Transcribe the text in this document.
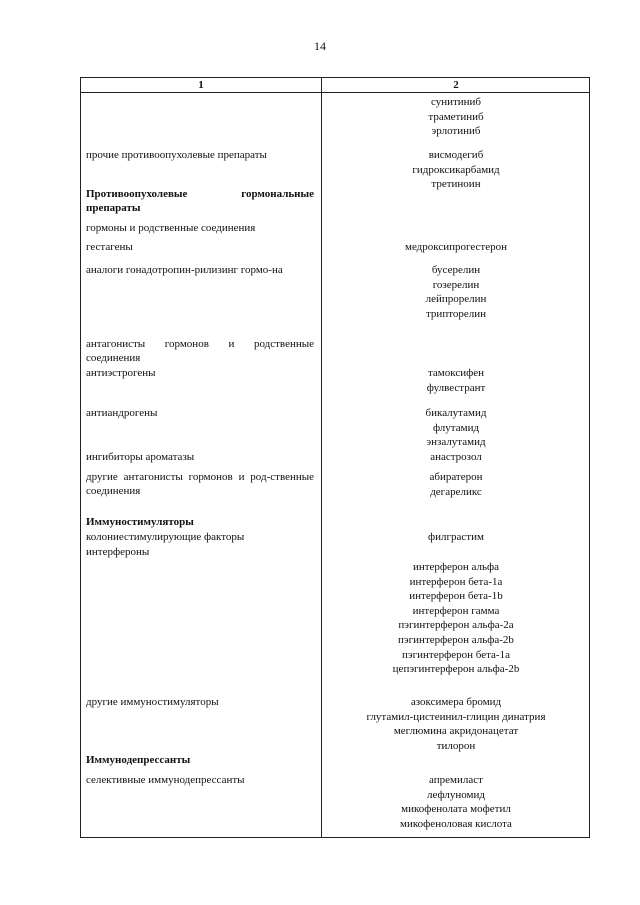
14
1	2
прочие противоопухолевые препараты
Противоопухолевые гормональные препараты
гормоны и родственные соединения
гестагены
аналоги гонадотропин-рилизинг гормо-на
антагонисты гормонов и родственные соединения
антиэстрогены
антиандрогены
ингибиторы ароматазы
другие антагонисты гормонов и род-ственные соединения
Иммуностимуляторы
колониестимулирующие факторы
интерфероны
другие иммуностимуляторы
Иммунодепрессанты
селективные иммунодепрессанты
сунитиниб
траметиниб
эрлотиниб
висмодегиб
гидроксикарбамид
третиноин
медроксипрогестерон
бусерелин
гозерелин
лейпрорелин
трипторелин
тамоксифен
фулвестрант
бикалутамид
флутамид
энзалутамид
анастрозол
абиратерон
дегареликс
филграстим
интерферон альфа
интерферон бета-1a
интерферон бета-1b
интерферон гамма
пэгинтерферон альфа-2a
пэгинтерферон альфа-2b
пэгинтерферон бета-1a
цепэгинтерферон альфа-2b
азоксимера бромид
глутамил-цистеинил-глицин динатрия
меглюмина акридонацетат
тилорон
апремиласт
лефлуномид
микофенолата мофетил
микофеноловая кислота
